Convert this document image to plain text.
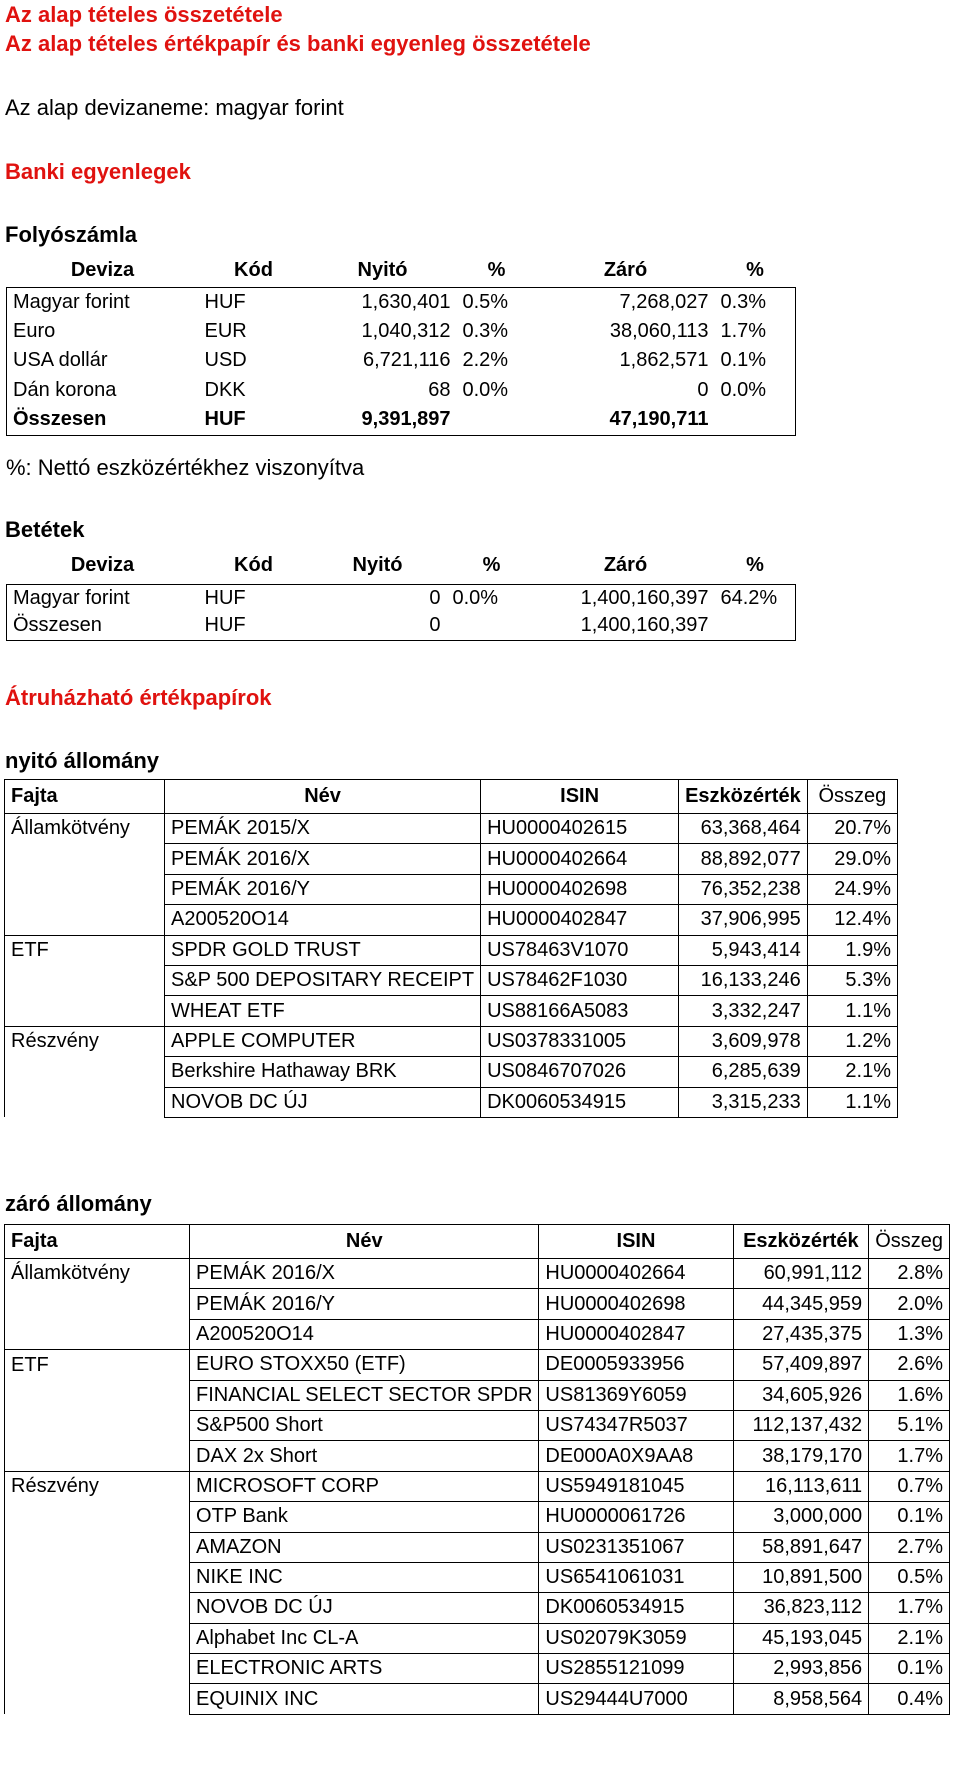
Az alap tételes összetétele
Az alap tételes értékpapír és banki egyenleg összetétele
Az alap devizaneme: magyar forint
Banki egyenlegek
Folyószámla
Deviza	Kód	Nyitó	%	Záró	%
Magyar forint	HUF	1,630,401	0.5%	7,268,027	0.3%
Euro	EUR	1,040,312	0.3%	38,060,113	1.7%
USA dollár	USD	6,721,116	2.2%	1,862,571	0.1%
Dán korona	DKK	68	0.0%	0	0.0%
Összesen	HUF	9,391,897		47,190,711	
%: Nettó eszközértékhez viszonyítva
Betétek
Deviza	Kód	Nyitó	%	Záró	%
Magyar forint	HUF	0	0.0%	1,400,160,397	64.2%
Összesen	HUF	0		1,400,160,397	
Átruházható értékpapírok
nyitó állomány
Fajta	Név	ISIN	Eszközérték	Összeg
Államkötvény	PEMÁK 2015/X	HU0000402615	63,368,464	20.7%
	PEMÁK 2016/X	HU0000402664	88,892,077	29.0%
	PEMÁK 2016/Y	HU0000402698	76,352,238	24.9%
	A200520O14	HU0000402847	37,906,995	12.4%
ETF	SPDR GOLD TRUST	US78463V1070	5,943,414	1.9%
	S&P 500 DEPOSITARY RECEIPT	US78462F1030	16,133,246	5.3%
	WHEAT ETF	US88166A5083	3,332,247	1.1%
Részvény	APPLE COMPUTER	US0378331005	3,609,978	1.2%
	Berkshire Hathaway BRK	US0846707026	6,285,639	2.1%
	NOVOB DC ÚJ	DK0060534915	3,315,233	1.1%
záró állomány
Fajta	Név	ISIN	Eszközérték	Összeg
Államkötvény	PEMÁK 2016/X	HU0000402664	60,991,112	2.8%
	PEMÁK 2016/Y	HU0000402698	44,345,959	2.0%
	A200520O14	HU0000402847	27,435,375	1.3%
ETF	EURO STOXX50 (ETF)	DE0005933956	57,409,897	2.6%
	FINANCIAL SELECT SECTOR SPDR	US81369Y6059	34,605,926	1.6%
	S&P500 Short	US74347R5037	112,137,432	5.1%
	DAX 2x Short	DE000A0X9AA8	38,179,170	1.7%
Részvény	MICROSOFT CORP	US5949181045	16,113,611	0.7%
	OTP Bank	HU0000061726	3,000,000	0.1%
	AMAZON	US0231351067	58,891,647	2.7%
	NIKE INC	US6541061031	10,891,500	0.5%
	NOVOB DC ÚJ	DK0060534915	36,823,112	1.7%
	Alphabet Inc CL-A	US02079K3059	45,193,045	2.1%
	ELECTRONIC ARTS	US2855121099	2,993,856	0.1%
	EQUINIX INC	US29444U7000	8,958,564	0.4%
